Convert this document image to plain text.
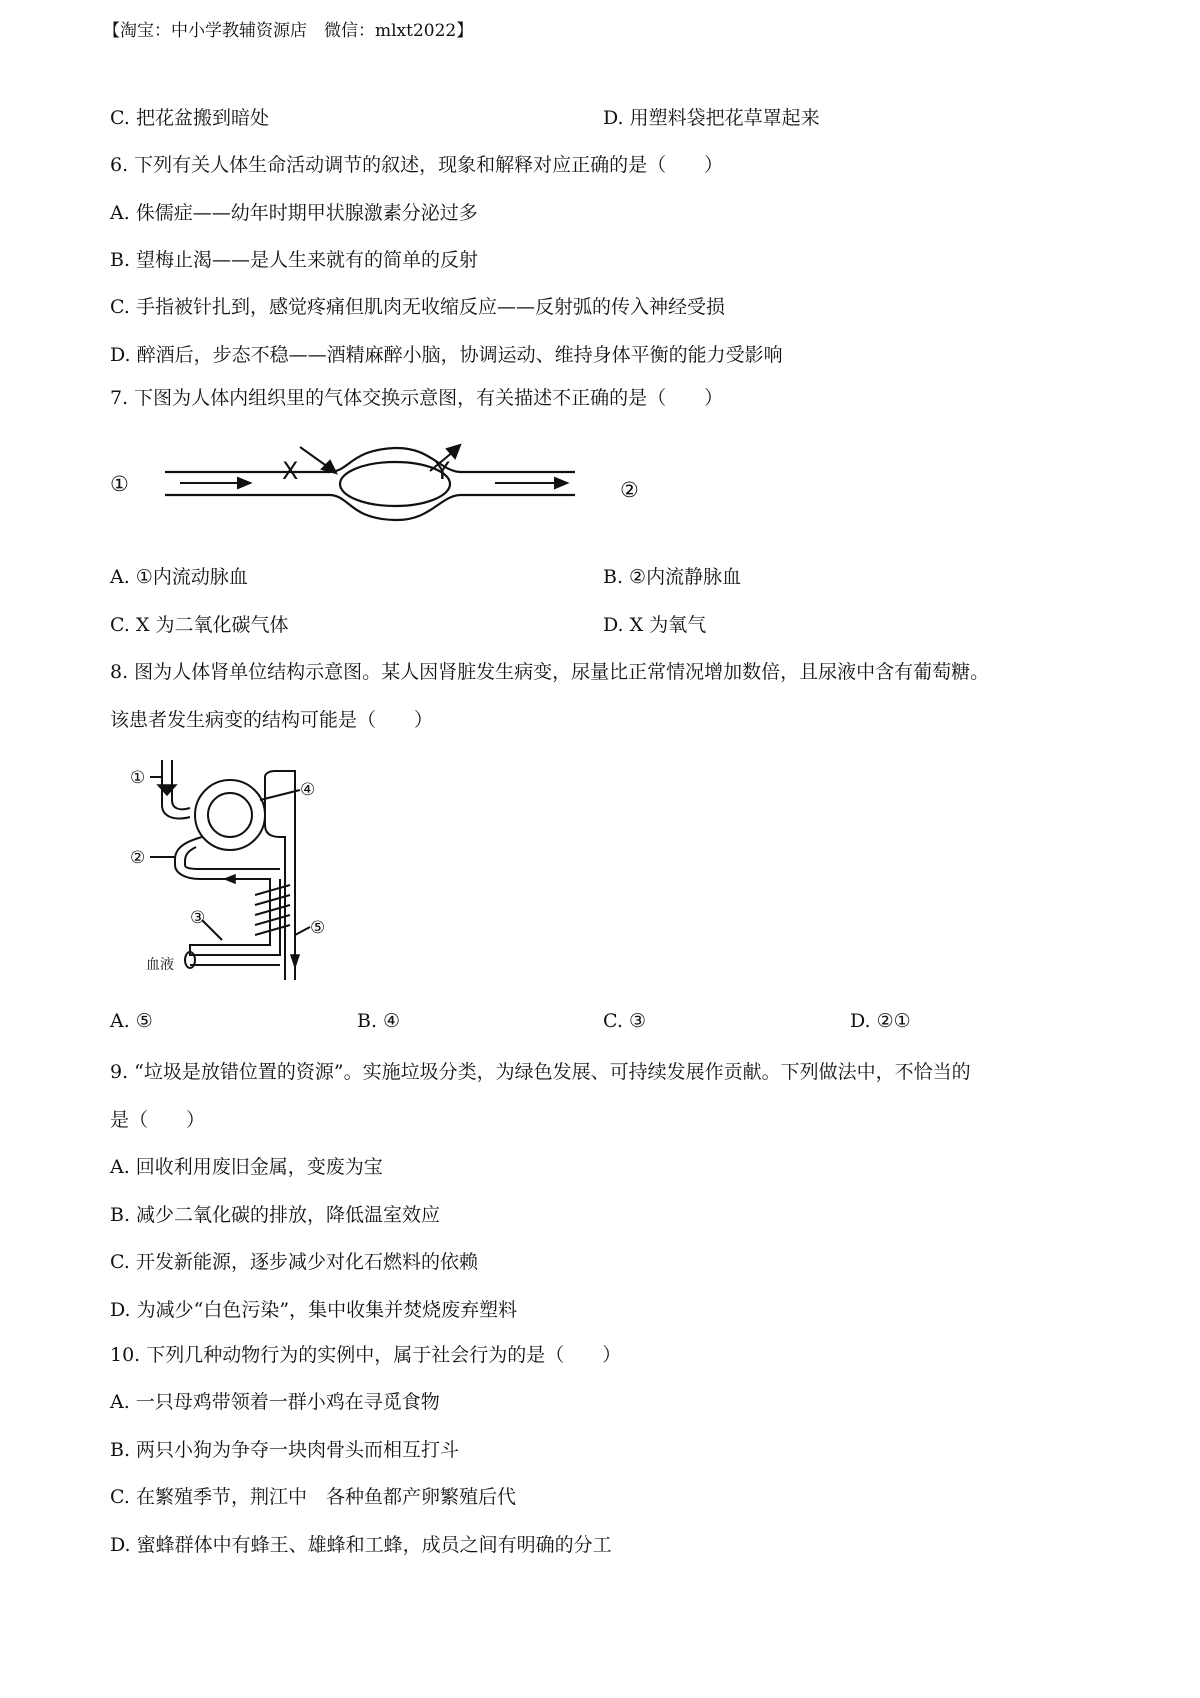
【淘宝：中小学教辅资源店　微信：mlxt2022】
C. 把花盆搬到暗处	D. 用塑料袋把花草罩起来
6. 下列有关人体生命活动调节的叙述，现象和解释对应正确的是（　　）
A. 侏儒症——幼年时期甲状腺激素分泌过多
B. 望梅止渴——是人生来就有的简单的反射
C. 手指被针扎到，感觉疼痛但肌肉无收缩反应——反射弧的传入神经受损
D. 醉酒后，步态不稳——酒精麻醉小脑，协调运动、维持身体平衡的能力受影响
7. 下图为人体内组织里的气体交换示意图，有关描述不正确的是（　　）
①	②
X	Y
A. ①内流动脉血	B. ②内流静脉血
C. X 为二氧化碳气体	D. X 为氧气
8. 图为人体肾单位结构示意图。某人因肾脏发生病变，尿量比正常情况增加数倍，且尿液中含有葡萄糖。
该患者发生病变的结构可能是（　　）
①
②
③
④
⑤
血液
A. ⑤	B. ④	C. ③	D. ②①
9. “垃圾是放错位置的资源”。实施垃圾分类，为绿色发展、可持续发展作贡献。下列做法中，不恰当的
是（　　）
A. 回收利用废旧金属，变废为宝
B. 减少二氧化碳的排放，降低温室效应
C. 开发新能源，逐步减少对化石燃料的依赖
D. 为减少“白色污染”，集中收集并焚烧废弃塑料
10. 下列几种动物行为的实例中，属于社会行为的是（　　）
A. 一只母鸡带领着一群小鸡在寻觅食物
B. 两只小狗为争夺一块肉骨头而相互打斗
C. 在繁殖季节，荆江中　各种鱼都产卵繁殖后代
D. 蜜蜂群体中有蜂王、雄蜂和工蜂，成员之间有明确的分工
